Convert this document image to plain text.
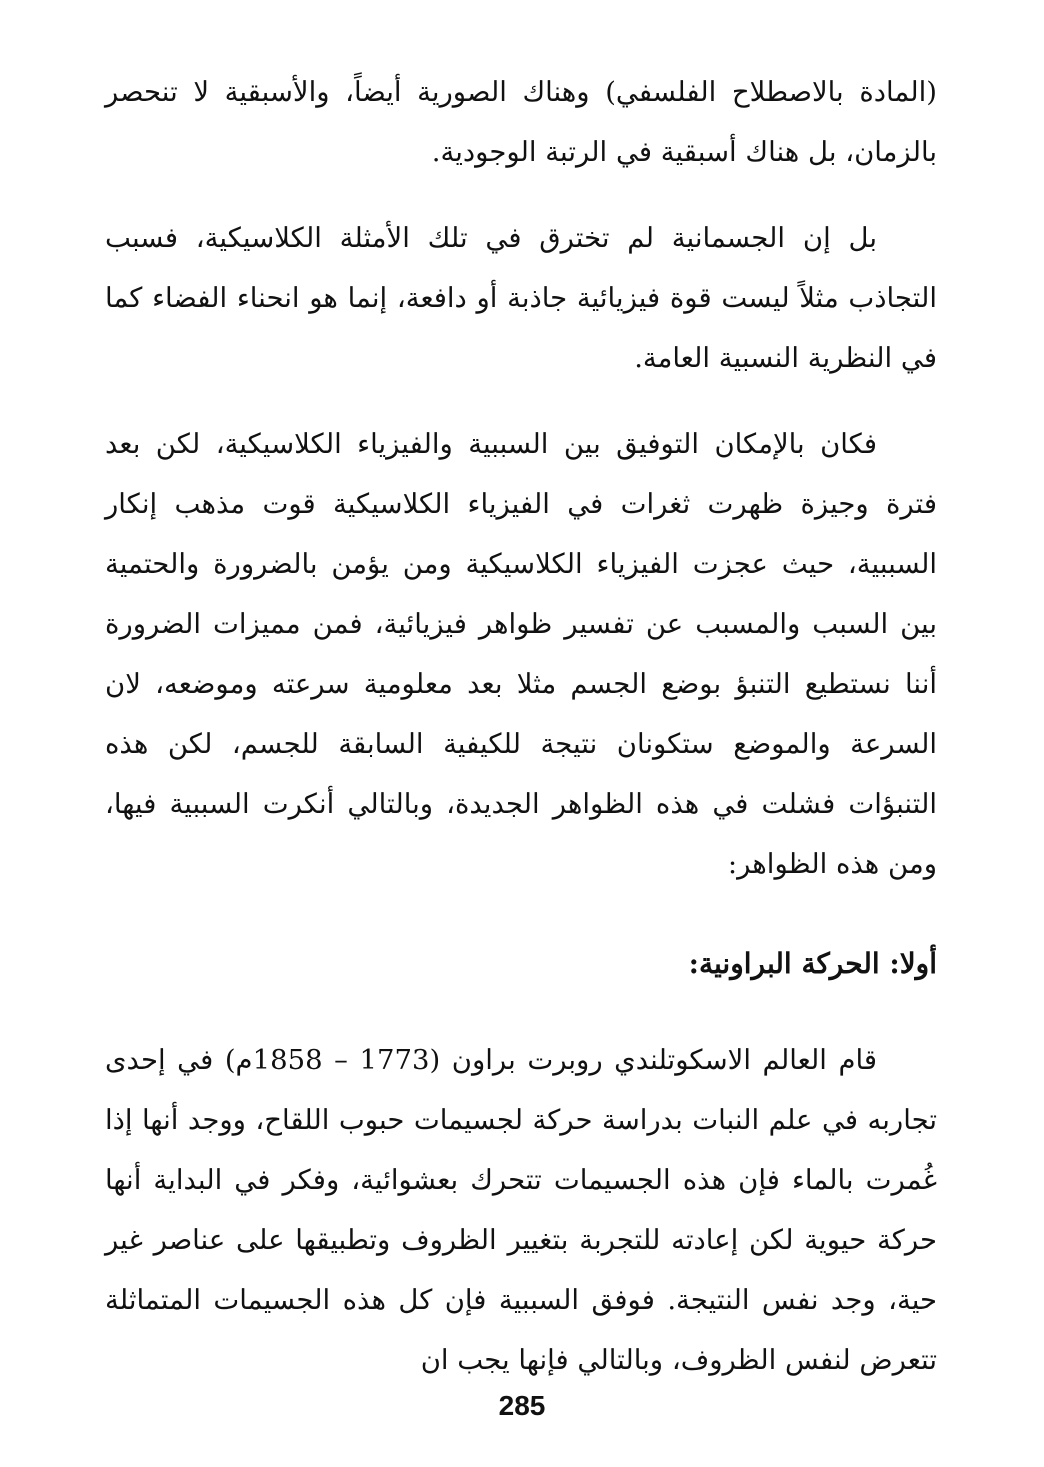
(المادة بالاصطلاح الفلسفي) وهناك الصورية أيضاً، والأسبقية لا تنحصر بالزمان، بل هناك أسبقية في الرتبة الوجودية.

بل إن الجسمانية لم تخترق في تلك الأمثلة الكلاسيكية، فسبب التجاذب مثلاً ليست قوة فيزيائية جاذبة أو دافعة، إنما هو انحناء الفضاء كما في النظرية النسبية العامة.

فكان بالإمكان التوفيق بين السببية والفيزياء الكلاسيكية، لكن بعد فترة وجيزة ظهرت ثغرات في الفيزياء الكلاسيكية قوت مذهب إنكار السببية، حيث عجزت الفيزياء الكلاسيكية ومن يؤمن بالضرورة والحتمية بين السبب والمسبب عن تفسير ظواهر فيزيائية، فمن مميزات الضرورة أننا نستطيع التنبؤ بوضع الجسم مثلا بعد معلومية سرعته وموضعه، لان السرعة والموضع ستكونان نتيجة للكيفية السابقة للجسم، لكن هذه التنبؤات فشلت في هذه الظواهر الجديدة، وبالتالي أنكرت السببية فيها، ومن هذه الظواهر:

أولا: الحركة البراونية:

قام العالم الاسكوتلندي روبرت براون (1773 – 1858م) في إحدى تجاربه في علم النبات بدراسة حركة لجسيمات حبوب اللقاح، ووجد أنها إذا غُمرت بالماء فإن هذه الجسيمات تتحرك بعشوائية، وفكر في البداية أنها حركة حيوية لكن إعادته للتجربة بتغيير الظروف وتطبيقها على عناصر غير حية، وجد نفس النتيجة. فوفق السببية فإن كل هذه الجسيمات المتماثلة تتعرض لنفس الظروف، وبالتالي فإنها يجب ان

285
